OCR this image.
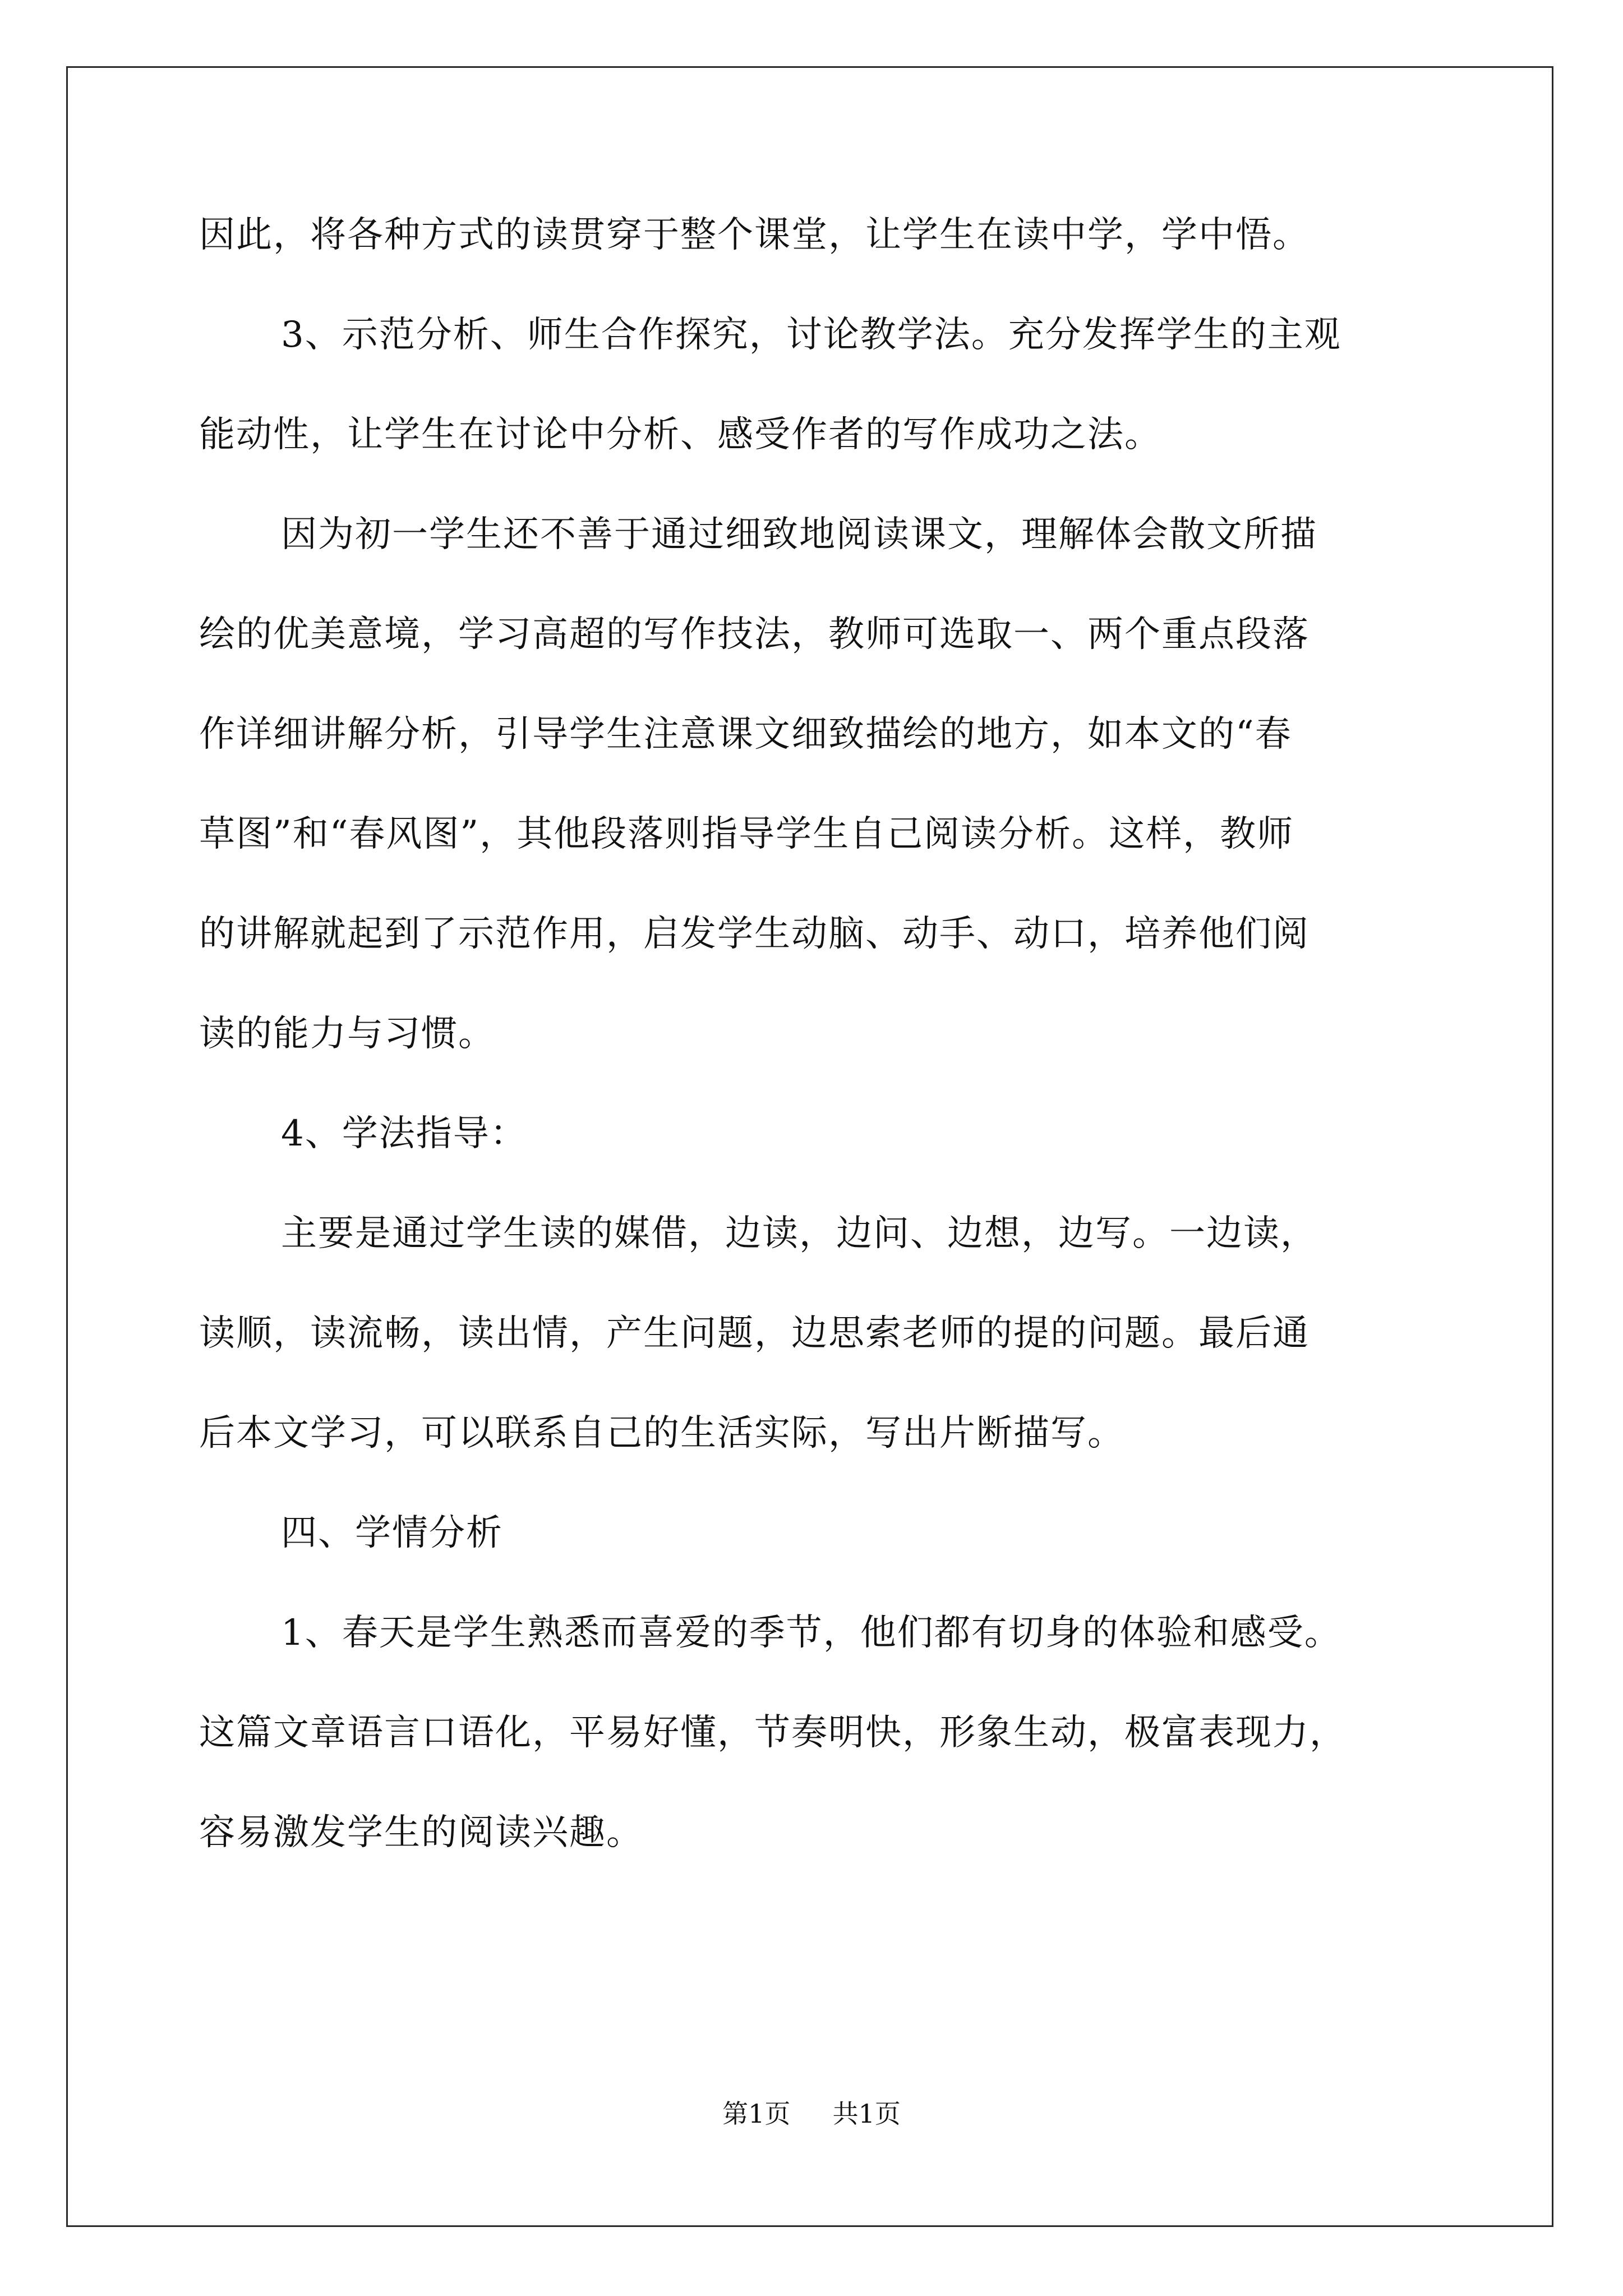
因此，将各种方式的读贯穿于整个课堂，让学生在读中学，学中悟。
3、示范分析、师生合作探究，讨论教学法。充分发挥学生的主观
能动性，让学生在讨论中分析、感受作者的写作成功之法。
因为初一学生还不善于通过细致地阅读课文，理解体会散文所描
绘的优美意境，学习高超的写作技法，教师可选取一、两个重点段落
作详细讲解分析，引导学生注意课文细致描绘的地方，如本文的“春
草图”和“春风图”，其他段落则指导学生自己阅读分析。这样，教师
的讲解就起到了示范作用，启发学生动脑、动手、动口，培养他们阅
读的能力与习惯。
4、学法指导：
主要是通过学生读的媒借，边读，边问、边想，边写。一边读，
读顺，读流畅，读出情，产生问题，边思索老师的提的问题。最后通
后本文学习，可以联系自己的生活实际，写出片断描写。
四、学情分析
1、春天是学生熟悉而喜爱的季节，他们都有切身的体验和感受。
这篇文章语言口语化，平易好懂，节奏明快，形象生动，极富表现力，
容易激发学生的阅读兴趣。
第1页 共1页
